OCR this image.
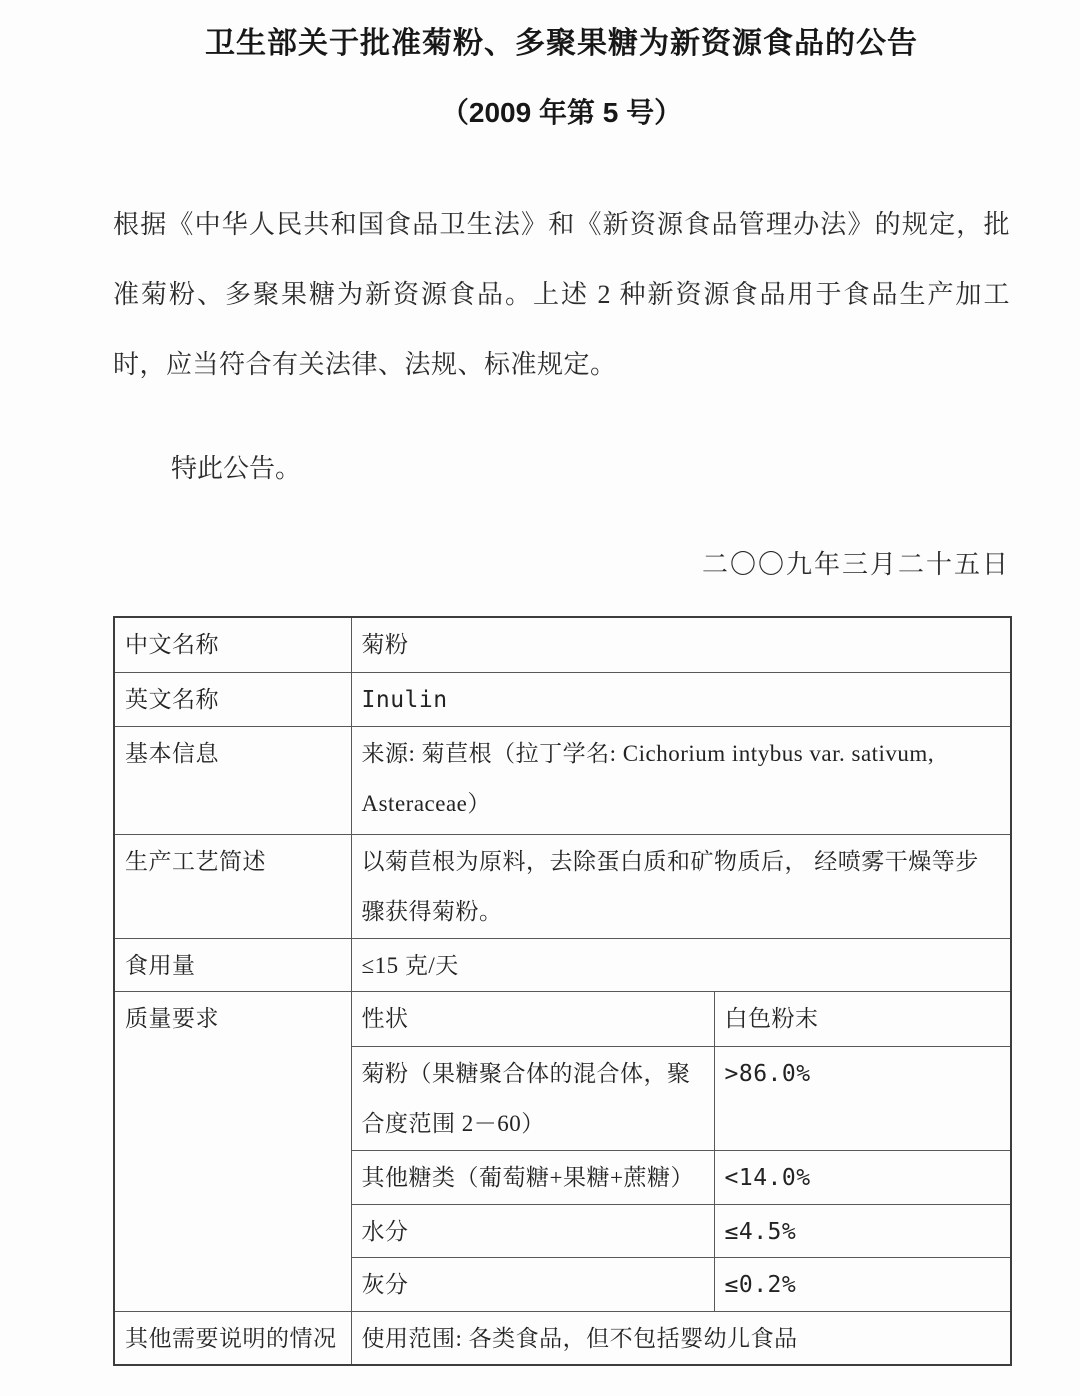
卫生部关于批准菊粉、多聚果糖为新资源食品的公告
（2009 年第 5 号）

根据《中华人民共和国食品卫生法》和《新资源食品管理办法》的规定，批准菊粉、多聚果糖为新资源食品。上述 2 种新资源食品用于食品生产加工时，应当符合有关法律、法规、标准规定。

特此公告。

二〇〇九年三月二十五日

中文名称	菊粉	
英文名称	Inulin	
基本信息	来源: 菊苣根（拉丁学名: Cichorium intybus var. sativum, Asteraceae）	
生产工艺简述	以菊苣根为原料，去除蛋白质和矿物质后， 经喷雾干燥等步骤获得菊粉。	
食用量	≤15 克/天	
质量要求	性状	白色粉末
	菊粉（果糖聚合体的混合体，聚合度范围 2－60）	>86.0%
	其他糖类（葡萄糖+果糖+蔗糖）	<14.0%
	水分	≤4.5%
	灰分	≤0.2%
其他需要说明的情况	使用范围: 各类食品，但不包括婴幼儿食品	
